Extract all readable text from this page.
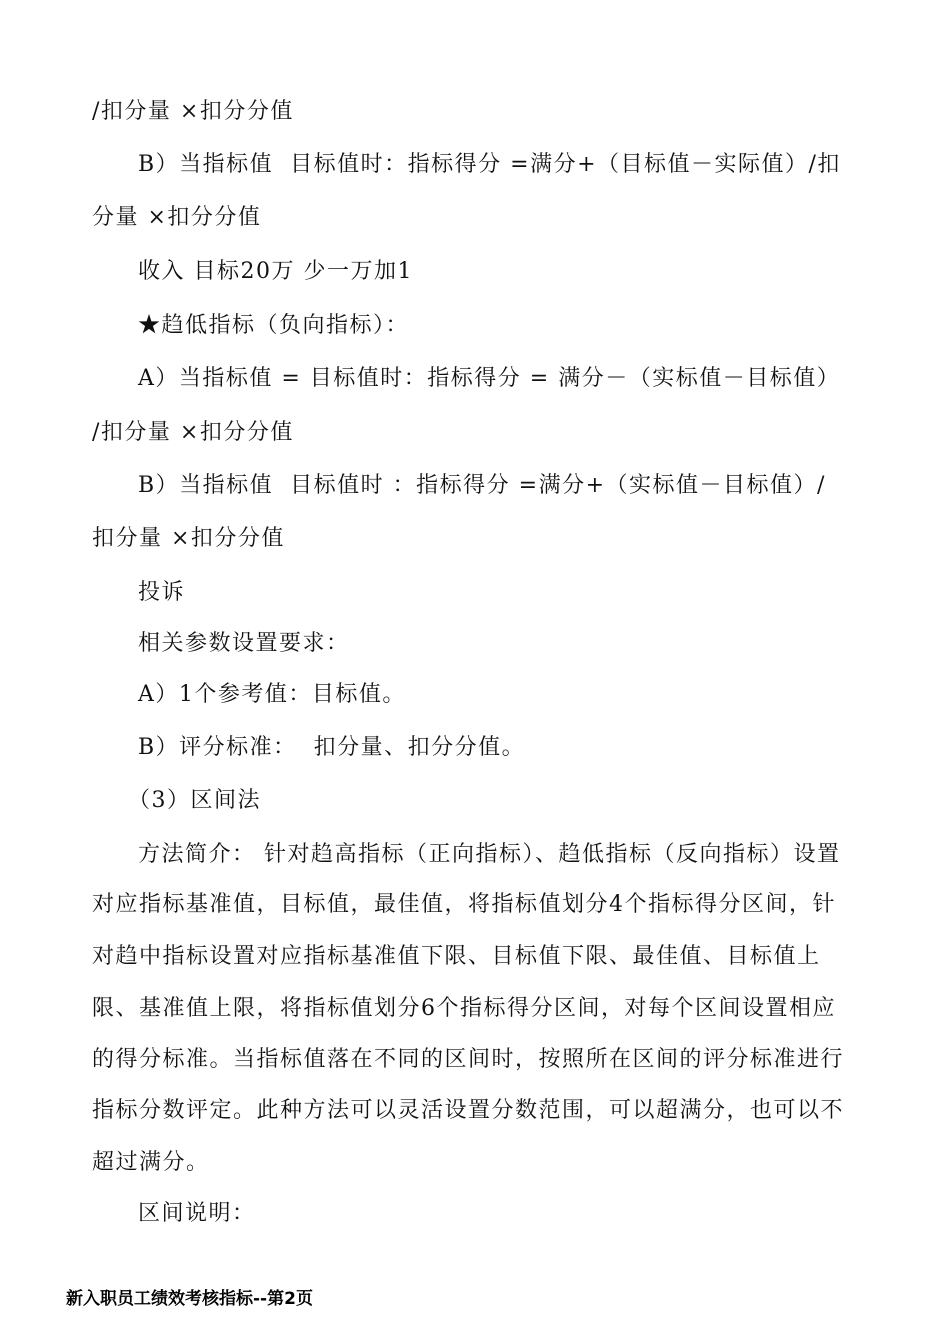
/扣分量 ×扣分分值
B）当指标值  目标值时：指标得分 =满分+（目标值－实际值）/扣
分量 ×扣分分值
收入 目标20万 少一万加1
★趋低指标（负向指标）：
A）当指标值 = 目标值时：指标得分 = 满分－（实标值－目标值）
/扣分量 ×扣分分值
B）当指标值  目标值时 ：指标得分 =满分+（实标值－目标值）/
扣分量 ×扣分分值
投诉
相关参数设置要求：
A）1个参考值：目标值。
B）评分标准：  扣分量、扣分分值。
（3）区间法
方法简介： 针对趋高指标（正向指标）、趋低指标（反向指标）设置
对应指标基准值，目标值，最佳值，将指标值划分4个指标得分区间，针
对趋中指标设置对应指标基准值下限、目标值下限、最佳值、目标值上
限、基准值上限，将指标值划分6个指标得分区间，对每个区间设置相应
的得分标准。当指标值落在不同的区间时，按照所在区间的评分标准进行
指标分数评定。此种方法可以灵活设置分数范围，可以超满分，也可以不
超过满分。
区间说明：
新入职员工绩效考核指标--第2页
